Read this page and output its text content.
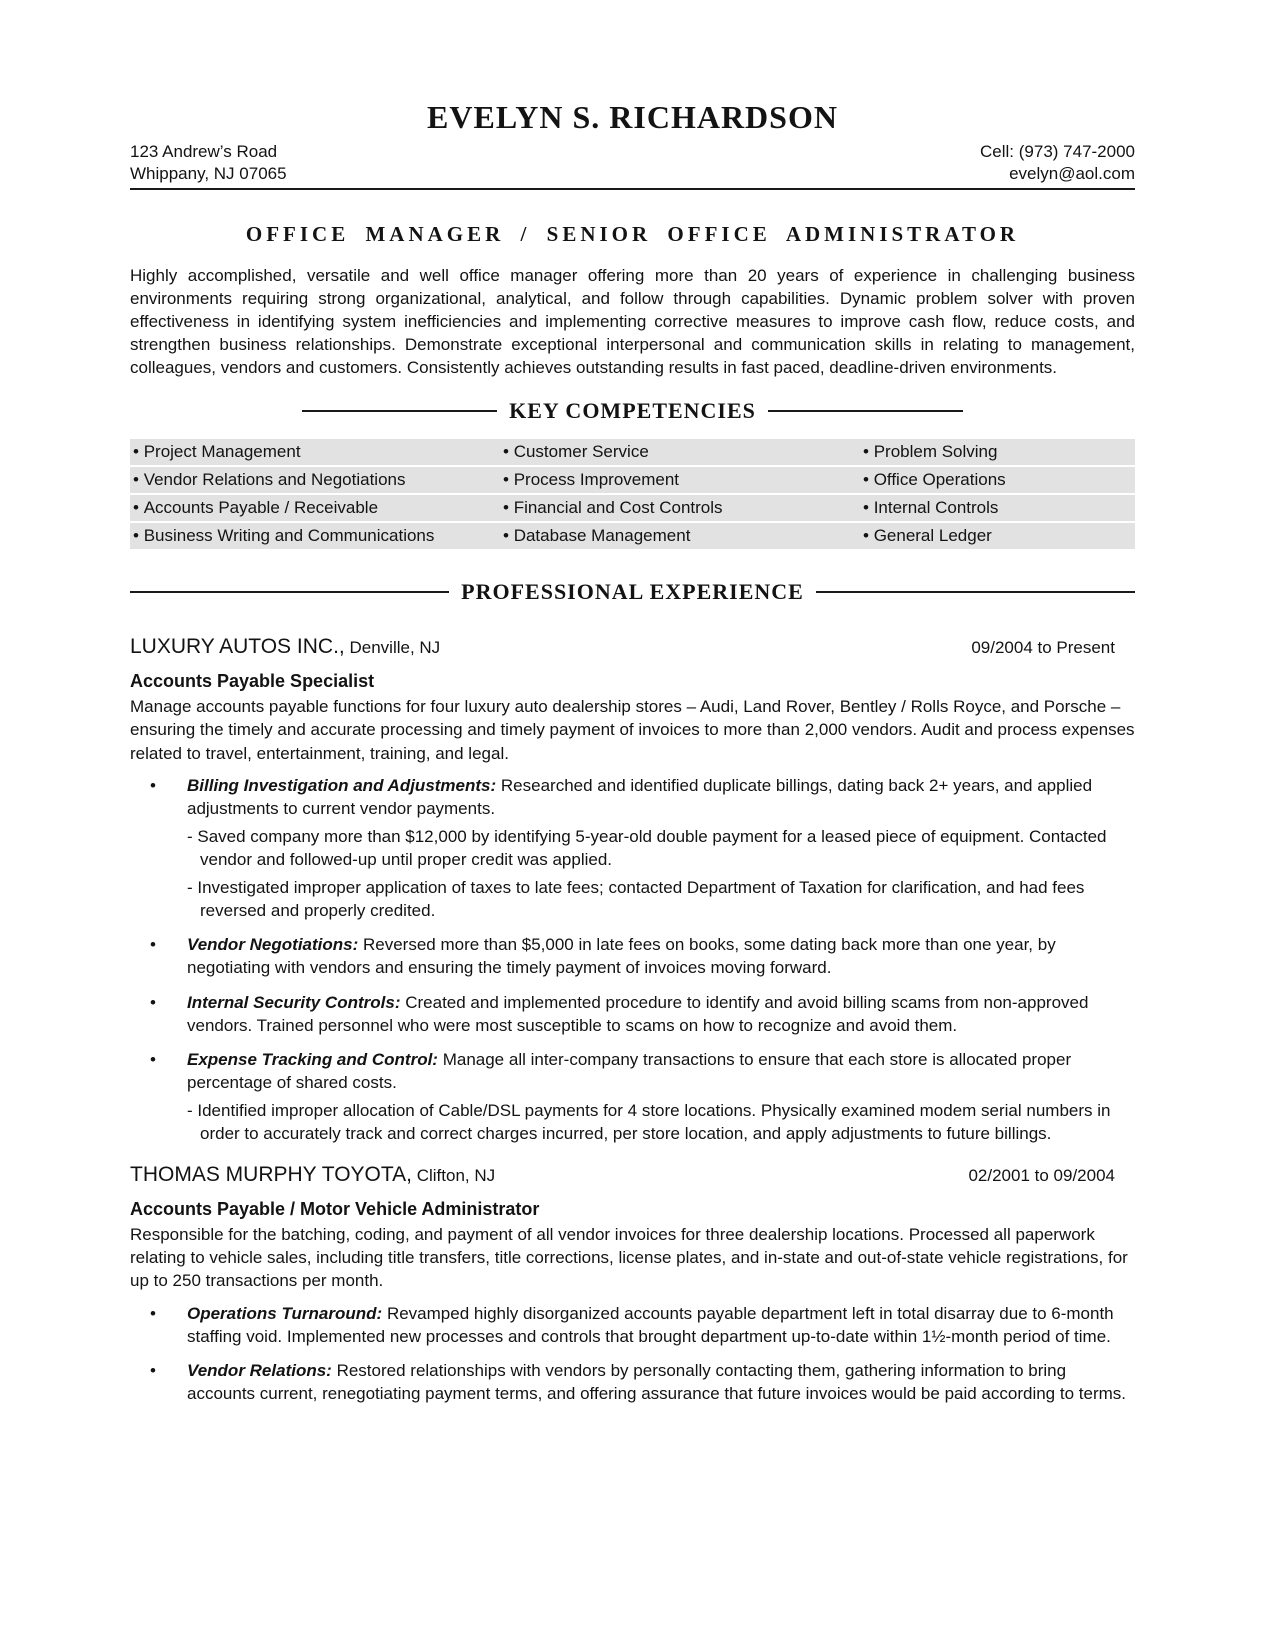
EVELYN S. RICHARDSON
123 Andrew’s Road
Whippany, NJ 07065
Cell: (973) 747-2000
evelyn@aol.com
OFFICE MANAGER / SENIOR OFFICE ADMINISTRATOR

Highly accomplished, versatile and well office manager offering more than 20 years of experience in challenging business environments requiring strong organizational, analytical, and follow through capabilities. Dynamic problem solver with proven effectiveness in identifying system inefficiencies and implementing corrective measures to improve cash flow, reduce costs, and strengthen business relationships. Demonstrate exceptional interpersonal and communication skills in relating to management, colleagues, vendors and customers. Consistently achieves outstanding results in fast paced, deadline-driven environments.

KEY COMPETENCIES
• Project Management	• Customer Service	• Problem Solving
• Vendor Relations and Negotiations	• Process Improvement	• Office Operations
• Accounts Payable / Receivable	• Financial and Cost Controls	• Internal Controls
• Business Writing and Communications	• Database Management	• General Ledger
PROFESSIONAL EXPERIENCE
LUXURY AUTOS INC., Denville, NJ	09/2004 to Present
Accounts Payable Specialist
Manage accounts payable functions for four luxury auto dealership stores – Audi, Land Rover, Bentley / Rolls Royce, and Porsche – ensuring the timely and accurate processing and timely payment of invoices to more than 2,000 vendors. Audit and process expenses related to travel, entertainment, training, and legal.
• Billing Investigation and Adjustments: Researched and identified duplicate billings, dating back 2+ years, and applied adjustments to current vendor payments.
- Saved company more than $12,000 by identifying 5-year-old double payment for a leased piece of equipment. Contacted vendor and followed-up until proper credit was applied.
- Investigated improper application of taxes to late fees; contacted Department of Taxation for clarification, and had fees reversed and properly credited.
• Vendor Negotiations: Reversed more than $5,000 in late fees on books, some dating back more than one year, by negotiating with vendors and ensuring the timely payment of invoices moving forward.
• Internal Security Controls: Created and implemented procedure to identify and avoid billing scams from non-approved vendors. Trained personnel who were most susceptible to scams on how to recognize and avoid them.
• Expense Tracking and Control: Manage all inter-company transactions to ensure that each store is allocated proper percentage of shared costs.
- Identified improper allocation of Cable/DSL payments for 4 store locations. Physically examined modem serial numbers in order to accurately track and correct charges incurred, per store location, and apply adjustments to future billings.
THOMAS MURPHY TOYOTA, Clifton, NJ	02/2001 to 09/2004
Accounts Payable / Motor Vehicle Administrator
Responsible for the batching, coding, and payment of all vendor invoices for three dealership locations. Processed all paperwork relating to vehicle sales, including title transfers, title corrections, license plates, and in-state and out-of-state vehicle registrations, for up to 250 transactions per month.
• Operations Turnaround: Revamped highly disorganized accounts payable department left in total disarray due to 6-month staffing void. Implemented new processes and controls that brought department up-to-date within 1½-month period of time.
• Vendor Relations: Restored relationships with vendors by personally contacting them, gathering information to bring accounts current, renegotiating payment terms, and offering assurance that future invoices would be paid according to terms.
